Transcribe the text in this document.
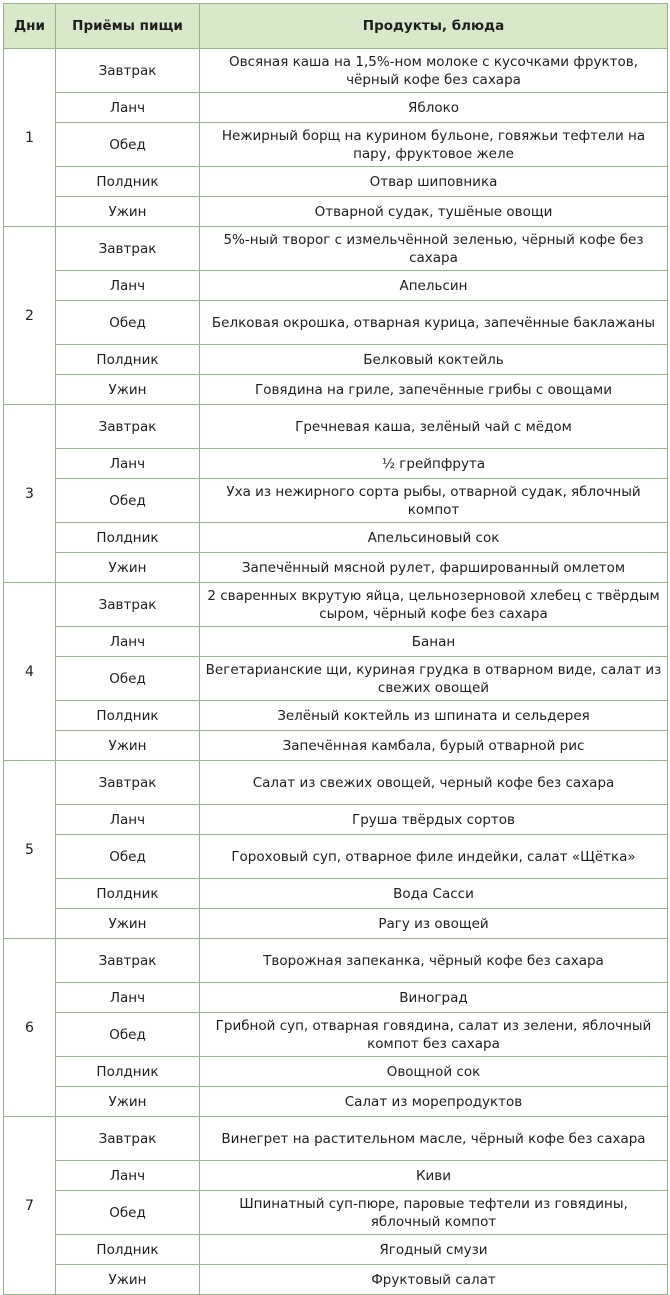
Дни	Приёмы пищи	Продукты, блюда
1	Завтрак	Овсяная каша на 1,5%-ном молоке с кусочками фруктов, чёрный кофе без сахара
	Ланч	Яблоко
	Обед	Нежирный борщ на курином бульоне, говяжьи тефтели на пару, фруктовое желе
	Полдник	Отвар шиповника
	Ужин	Отварной судак, тушёные овощи
2	Завтрак	5%-ный творог с измельчённой зеленью, чёрный кофе без сахара
	Ланч	Апельсин
	Обед	Белковая окрошка, отварная курица, запечённые баклажаны
	Полдник	Белковый коктейль
	Ужин	Говядина на гриле, запечённые грибы с овощами
3	Завтрак	Гречневая каша, зелёный чай с мёдом
	Ланч	½ грейпфрута
	Обед	Уха из нежирного сорта рыбы, отварной судак, яблочный компот
	Полдник	Апельсиновый сок
	Ужин	Запечённый мясной рулет, фаршированный омлетом
4	Завтрак	2 сваренных вкрутую яйца, цельнозерновой хлебец с твёрдым сыром, чёрный кофе без сахара
	Ланч	Банан
	Обед	Вегетарианские щи, куриная грудка в отварном виде, салат из свежих овощей
	Полдник	Зелёный коктейль из шпината и сельдерея
	Ужин	Запечённая камбала, бурый отварной рис
5	Завтрак	Салат из свежих овощей, черный кофе без сахара
	Ланч	Груша твёрдых сортов
	Обед	Гороховый суп, отварное филе индейки, салат «Щётка»
	Полдник	Вода Сасси
	Ужин	Рагу из овощей
6	Завтрак	Творожная запеканка, чёрный кофе без сахара
	Ланч	Виноград
	Обед	Грибной суп, отварная говядина, салат из зелени, яблочный компот без сахара
	Полдник	Овощной сок
	Ужин	Салат из морепродуктов
7	Завтрак	Винегрет на растительном масле, чёрный кофе без сахара
	Ланч	Киви
	Обед	Шпинатный суп-пюре, паровые тефтели из говядины, яблочный компот
	Полдник	Ягодный смузи
	Ужин	Фруктовый салат
